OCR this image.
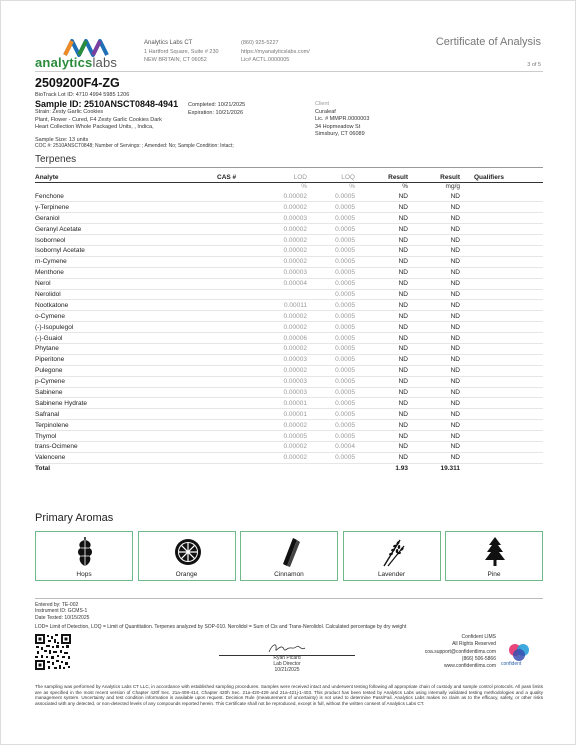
analyticslabs
Analytics Labs CT
1 Hartford Square, Suite # 230
NEW BRITAIN, CT 06052
(860) 925-5227
https://myanalyticslabs.com/
Lic# ACTL.0000005
Certificate of Analysis
3 of 5
2509200F4-ZG
BioTrack Lot ID: 4710 4994 5985 1206
Sample ID: 2510ANSCT0848-4941 Completed: 10/21/2025
Expiration: 10/21/2026
Strain: Zesty Garlic Cookies
Plant, Flower - Cured, F4 Zesty Garlic Cookies Dark
Heart Collection Whole Packaged Units, , Indica,
Client
Curaleaf
Lic. # MMPR.0000003
34 Hopmeadow St
Simsbury, CT 06089
Sample Size: 13 units
COC #: 2510ANSCT0848; Number of Servings: ; Amended: No; Sample Condition: Intact;
Terpenes
Analyte	CAS #	LOD	LOQ	Result	Result	Qualifiers
		%	%	%	mg/g	
Fenchone		0.00002	0.0005	ND	ND	
γ-Terpinene		0.00002	0.0005	ND	ND	
Geraniol		0.00003	0.0005	ND	ND	
Geranyl Acetate		0.00002	0.0005	ND	ND	
Isoborneol		0.00002	0.0005	ND	ND	
Isobornyl Acetate		0.00002	0.0005	ND	ND	
m-Cymene		0.00002	0.0005	ND	ND	
Menthone		0.00003	0.0005	ND	ND	
Nerol		0.00004	0.0005	ND	ND	
Nerolidol			0.0005	ND	ND	
Nootkatone		0.00011	0.0005	ND	ND	
o-Cymene		0.00002	0.0005	ND	ND	
(-)-Isopulegol		0.00002	0.0005	ND	ND	
(-)-Guaiol		0.00006	0.0005	ND	ND	
Phytane		0.00002	0.0005	ND	ND	
Piperitone		0.00003	0.0005	ND	ND	
Pulegone		0.00002	0.0005	ND	ND	
p-Cymene		0.00003	0.0005	ND	ND	
Sabinene		0.00003	0.0005	ND	ND	
Sabinene Hydrate		0.00001	0.0005	ND	ND	
Safranal		0.00001	0.0005	ND	ND	
Terpinolene		0.00002	0.0005	ND	ND	
Thymol		0.00005	0.0005	ND	ND	
trans-Ocimene		0.00002	0.0004	ND	ND	
Valencene		0.00002	0.0005	ND	ND	
Total				1.93	19.311	
Primary Aromas
Hops	Orange	Cinnamon	Lavender	Pine
Entered by: TE-002
Instrument ID: GCMS-1
Date Tested: 10/15/2025
LOD= Limit of Detection, LOQ = Limit of Quantitation. Terpenes analyzed by SOP-010. Nerolidol = Sum of Cis and Trans-Nerolidol. Calculated percentage by dry weight
Ryan Picard
Lab Director
10/21/2025
Confident LIMS
All Rights Reserved
coa.support@confidentlims.com
(866) 506-5866
www.confidentlims.com confident
The sampling was performed by Analytics Labs CT LLC, in accordance with established sampling procedures. Samples were received intact and underwent testing following all appropriate chain of custody and sample control protocols. All pass limits are as specified in the most recent version of Chapter 420f Sec. 21a-408-414, Chapter 420h Sec. 21a-420-429 and 21a-421j-1-403. This product has been tested by Analytics Labs using internally validated testing methodologies and a quality management system. Uncertainty and test condition information is available upon request. Decision Rule (measurement of uncertainty) is not used to determine Pass/Fail. Analytics Labs makes no claim as to the efficacy, safety, or other risks associated with any detected, or non-detected levels of any compounds reported herein. This Certificate shall not be reproduced, except in full, without the written consent of Analytics Labs CT.
